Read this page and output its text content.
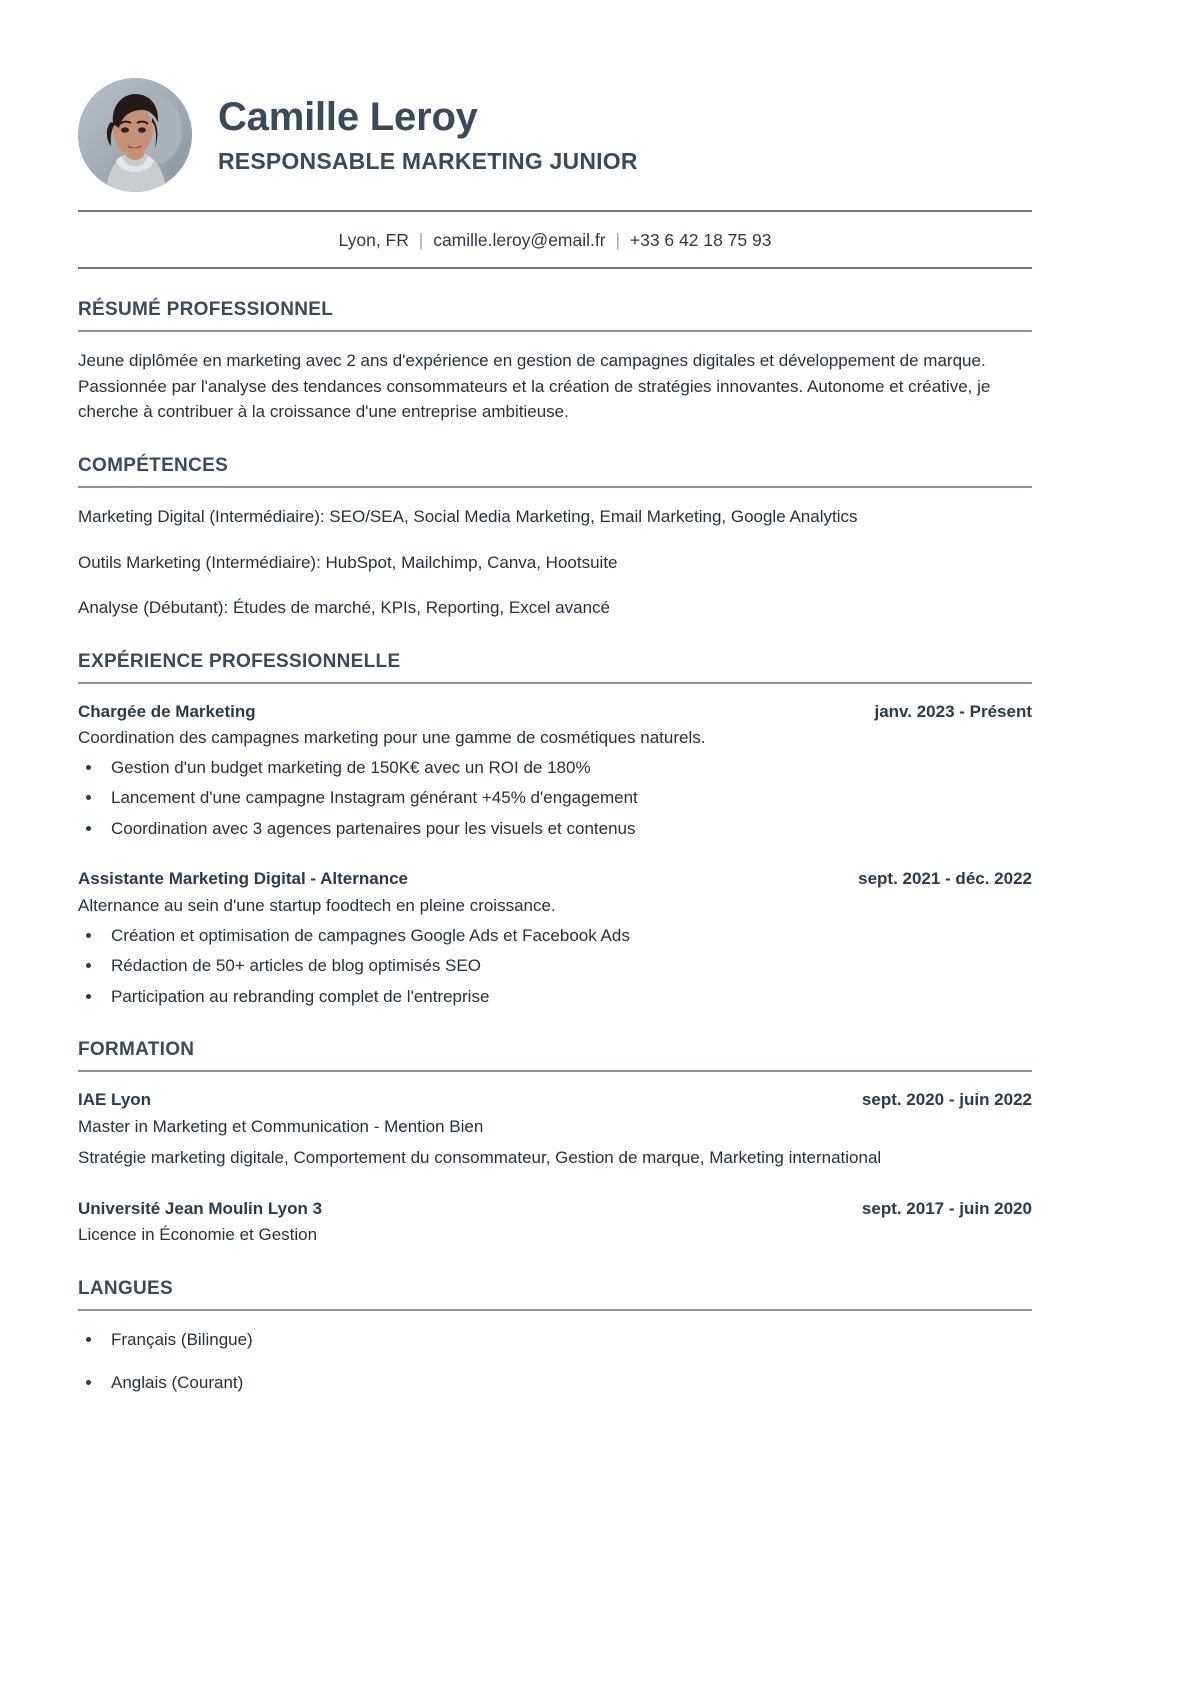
Camille Leroy
RESPONSABLE MARKETING JUNIOR
Lyon, FR | camille.leroy@email.fr | +33 6 42 18 75 93
RÉSUMÉ PROFESSIONNEL

Jeune diplômée en marketing avec 2 ans d'expérience en gestion de campagnes digitales et développement de marque. Passionnée par l'analyse des tendances consommateurs et la création de stratégies innovantes. Autonome et créative, je cherche à contribuer à la croissance d'une entreprise ambitieuse.

COMPÉTENCES

Marketing Digital (Intermédiaire): SEO/SEA, Social Media Marketing, Email Marketing, Google Analytics

Outils Marketing (Intermédiaire): HubSpot, Mailchimp, Canva, Hootsuite

Analyse (Débutant): Études de marché, KPIs, Reporting, Excel avancé

EXPÉRIENCE PROFESSIONNELLE
Chargée de Marketing	janv. 2023 - Présent
Coordination des campagnes marketing pour une gamme de cosmétiques naturels.
Gestion d'un budget marketing de 150K€ avec un ROI de 180%
Lancement d'une campagne Instagram générant +45% d'engagement
Coordination avec 3 agences partenaires pour les visuels et contenus
Assistante Marketing Digital - Alternance	sept. 2021 - déc. 2022
Alternance au sein d'une startup foodtech en pleine croissance.
Création et optimisation de campagnes Google Ads et Facebook Ads
Rédaction de 50+ articles de blog optimisés SEO
Participation au rebranding complet de l'entreprise
FORMATION
IAE Lyon	sept. 2020 - juin 2022
Master in Marketing et Communication - Mention Bien
Stratégie marketing digitale, Comportement du consommateur, Gestion de marque, Marketing international
Université Jean Moulin Lyon 3	sept. 2017 - juin 2020
Licence in Économie et Gestion
LANGUES
Français (Bilingue)
Anglais (Courant)
